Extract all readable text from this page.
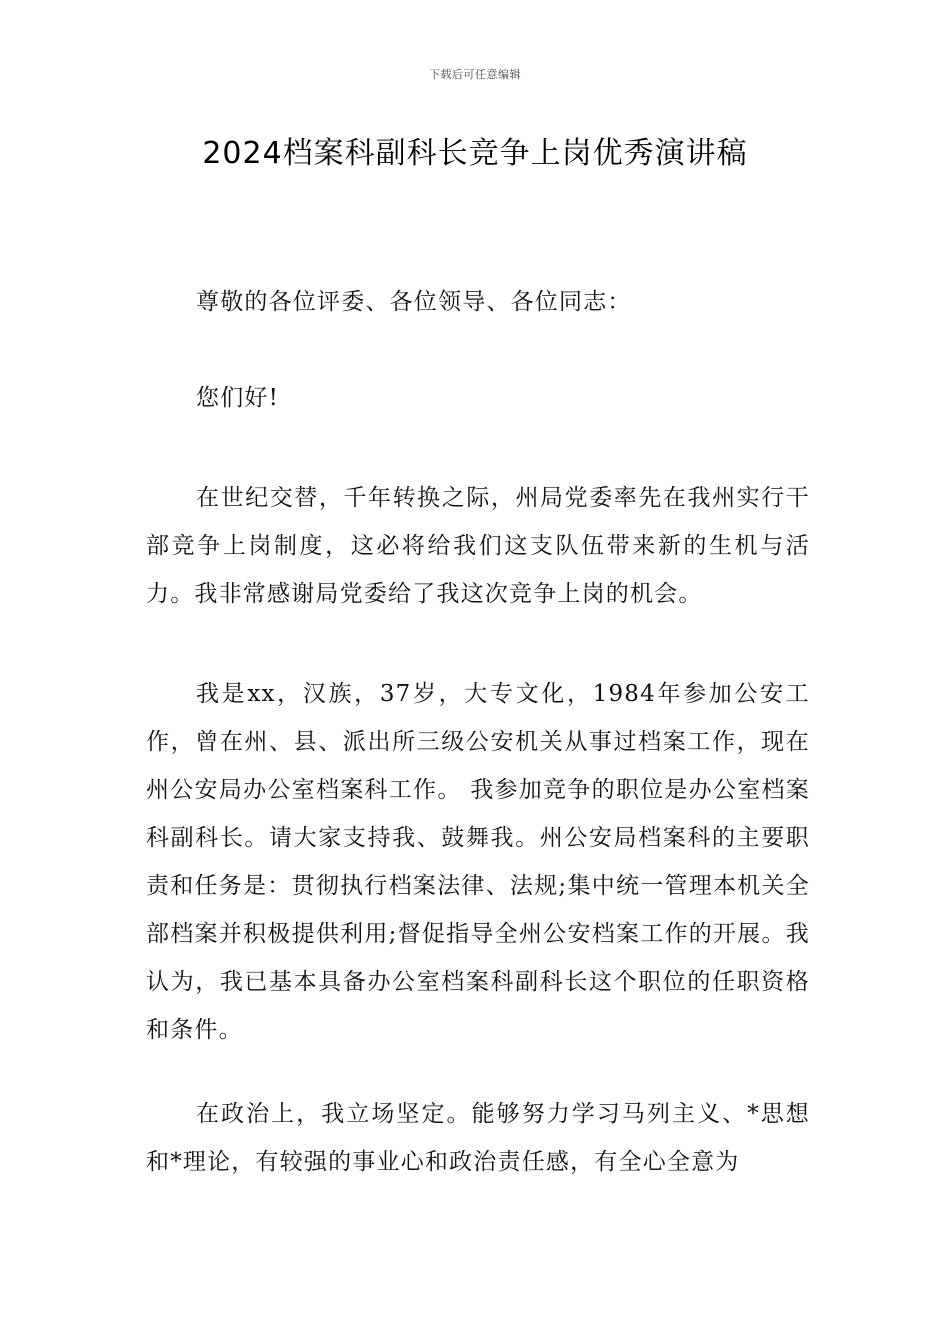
下载后可任意编辑
2024档案科副科长竞争上岗优秀演讲稿

尊敬的各位评委、各位领导、各位同志：

您们好!

在世纪交替，千年转换之际，州局党委率先在我州实行干部竞争上岗制度，这必将给我们这支队伍带来新的生机与活力。我非常感谢局党委给了我这次竞争上岗的机会。

我是xx，汉族，37岁，大专文化，1984年参加公安工作，曾在州、县、派出所三级公安机关从事过档案工作，现在州公安局办公室档案科工作。 我参加竞争的职位是办公室档案科副科长。请大家支持我、鼓舞我。州公安局档案科的主要职责和任务是：贯彻执行档案法律、法规;集中统一管理本机关全部档案并积极提供利用;督促指导全州公安档案工作的开展。我认为，我已基本具备办公室档案科副科长这个职位的任职资格和条件。

在政治上，我立场坚定。能够努力学习马列主义、*思想和*理论，有较强的事业心和政治责任感，有全心全意为
